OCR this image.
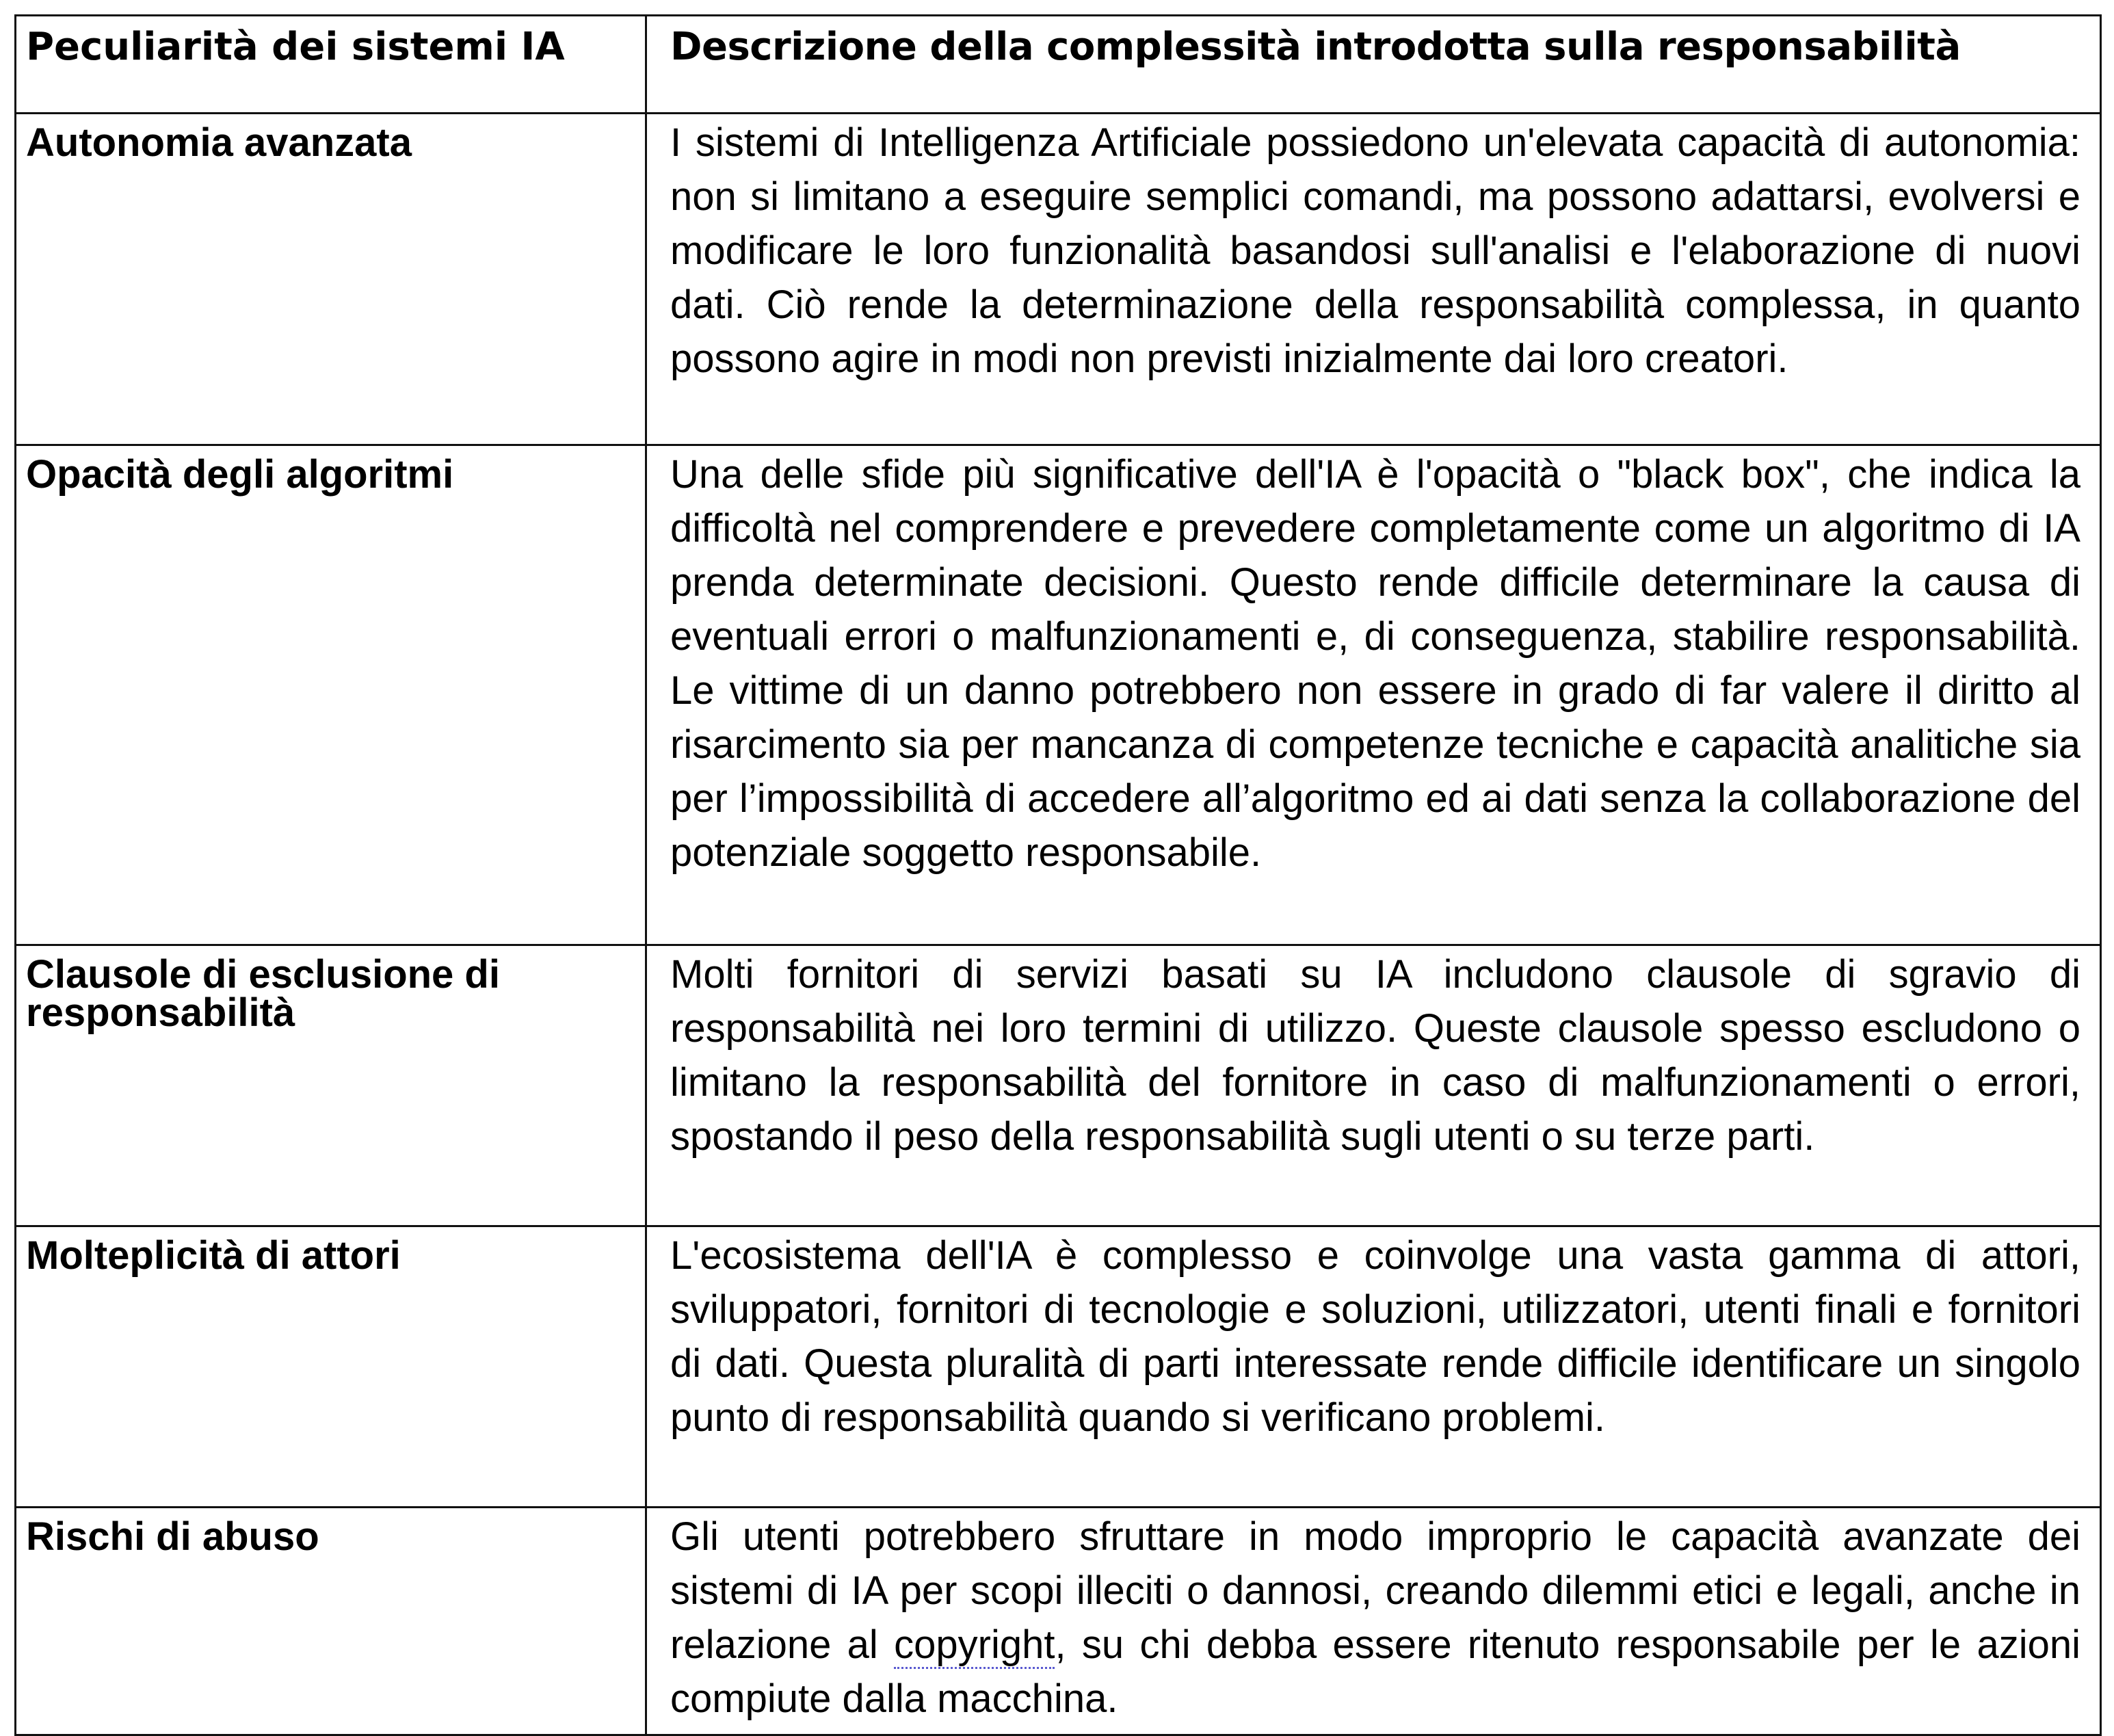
Peculiarità dei sistemi IA	Descrizione della complessità introdotta sulla responsabilità

Autonomia avanzata	I sistemi di Intelligenza Artificiale possiedono un'elevata capacità di autonomia: non si limitano a eseguire semplici comandi, ma possono adattarsi, evolversi e modificare le loro funzionalità basandosi sull'analisi e l'elaborazione di nuovi dati. Ciò rende la determinazione della responsabilità complessa, in quanto possono agire in modi non previsti inizialmente dai loro creatori.
Opacità degli algoritmi	Una delle sfide più significative dell'IA è l'opacità o "black box", che indica la difficoltà nel comprendere e prevedere completamente come un algoritmo di IA prenda determinate decisioni. Questo rende difficile determinare la causa di eventuali errori o malfunzionamenti e, di conseguenza, stabilire responsabilità. Le vittime di un danno potrebbero non essere in grado di far valere il diritto al risarcimento sia per mancanza di competenze tecniche e capacità analitiche sia per l’impossibilità di accedere all’algoritmo ed ai dati senza la collaborazione del potenziale soggetto responsabile.
Clausole di esclusione di responsabilità	Molti fornitori di servizi basati su IA includono clausole di sgravio di responsabilità nei loro termini di utilizzo. Queste clausole spesso escludono o limitano la responsabilità del fornitore in caso di malfunzionamenti o errori, spostando il peso della responsabilità sugli utenti o su terze parti.
Molteplicità di attori	L'ecosistema dell'IA è complesso e coinvolge una vasta gamma di attori, sviluppatori, fornitori di tecnologie e soluzioni, utilizzatori, utenti finali e fornitori di dati. Questa pluralità di parti interessate rende difficile identificare un singolo punto di responsabilità quando si verificano problemi.
Rischi di abuso	Gli utenti potrebbero sfruttare in modo improprio le capacità avanzate dei sistemi di IA per scopi illeciti o dannosi, creando dilemmi etici e legali, anche in relazione al copyright, su chi debba essere ritenuto responsabile per le azioni compiute dalla macchina.
